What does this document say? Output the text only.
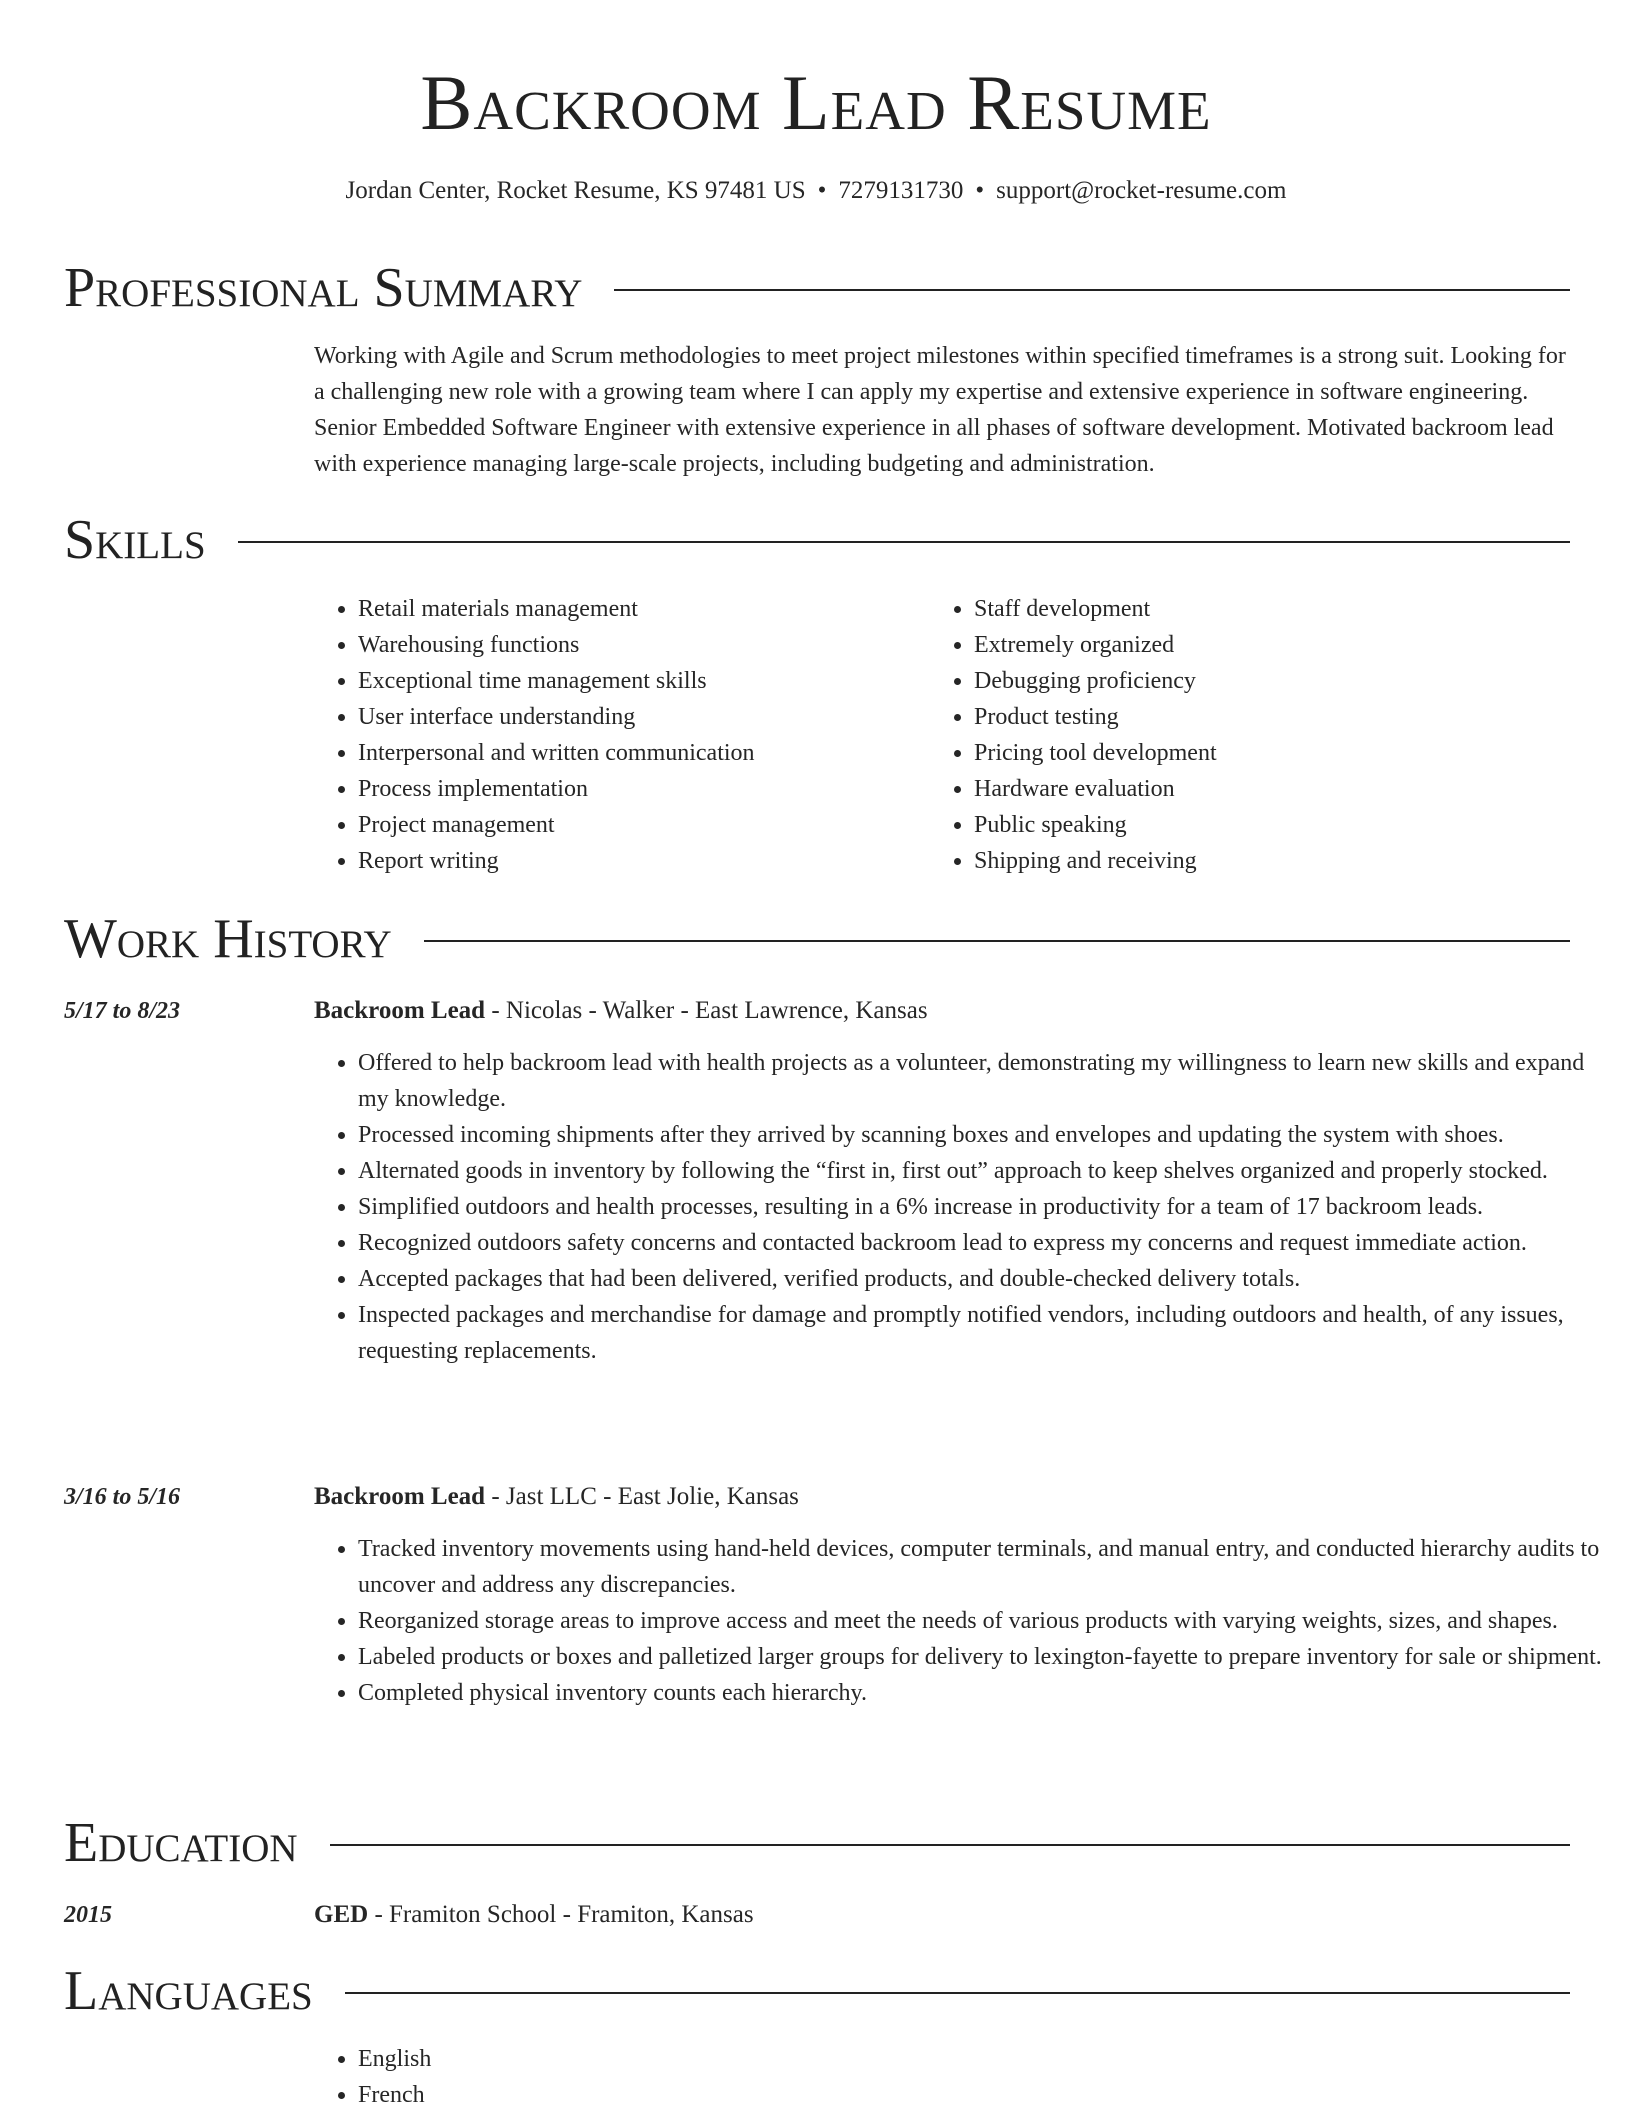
Backroom Lead Resume
Jordan Center, Rocket Resume, KS 97481 US • 7279131730 • support@rocket-resume.com
Professional Summary

Working with Agile and Scrum methodologies to meet project milestones within specified timeframes is a strong suit. Looking for a challenging new role with a growing team where I can apply my expertise and extensive experience in software engineering. Senior Embedded Software Engineer with extensive experience in all phases of software development. Motivated backroom lead with experience managing large-scale projects, including budgeting and administration.

Skills
• Retail materials management
• Warehousing functions
• Exceptional time management skills
• User interface understanding
• Interpersonal and written communication
• Process implementation
• Project management
• Report writing
• Staff development
• Extremely organized
• Debugging proficiency
• Product testing
• Pricing tool development
• Hardware evaluation
• Public speaking
• Shipping and receiving
Work History
5/17 to 8/23	Backroom Lead - Nicolas - Walker - East Lawrence, Kansas
• Offered to help backroom lead with health projects as a volunteer, demonstrating my willingness to learn new skills and expand my knowledge.
• Processed incoming shipments after they arrived by scanning boxes and envelopes and updating the system with shoes.
• Alternated goods in inventory by following the “first in, first out” approach to keep shelves organized and properly stocked.
• Simplified outdoors and health processes, resulting in a 6% increase in productivity for a team of 17 backroom leads.
• Recognized outdoors safety concerns and contacted backroom lead to express my concerns and request immediate action.
• Accepted packages that had been delivered, verified products, and double-checked delivery totals.
• Inspected packages and merchandise for damage and promptly notified vendors, including outdoors and health, of any issues, requesting replacements.
3/16 to 5/16	Backroom Lead - Jast LLC - East Jolie, Kansas
• Tracked inventory movements using hand-held devices, computer terminals, and manual entry, and conducted hierarchy audits to uncover and address any discrepancies.
• Reorganized storage areas to improve access and meet the needs of various products with varying weights, sizes, and shapes.
• Labeled products or boxes and palletized larger groups for delivery to lexington-fayette to prepare inventory for sale or shipment.
• Completed physical inventory counts each hierarchy.
Education
2015	GED - Framiton School - Framiton, Kansas
Languages
• English
• French
